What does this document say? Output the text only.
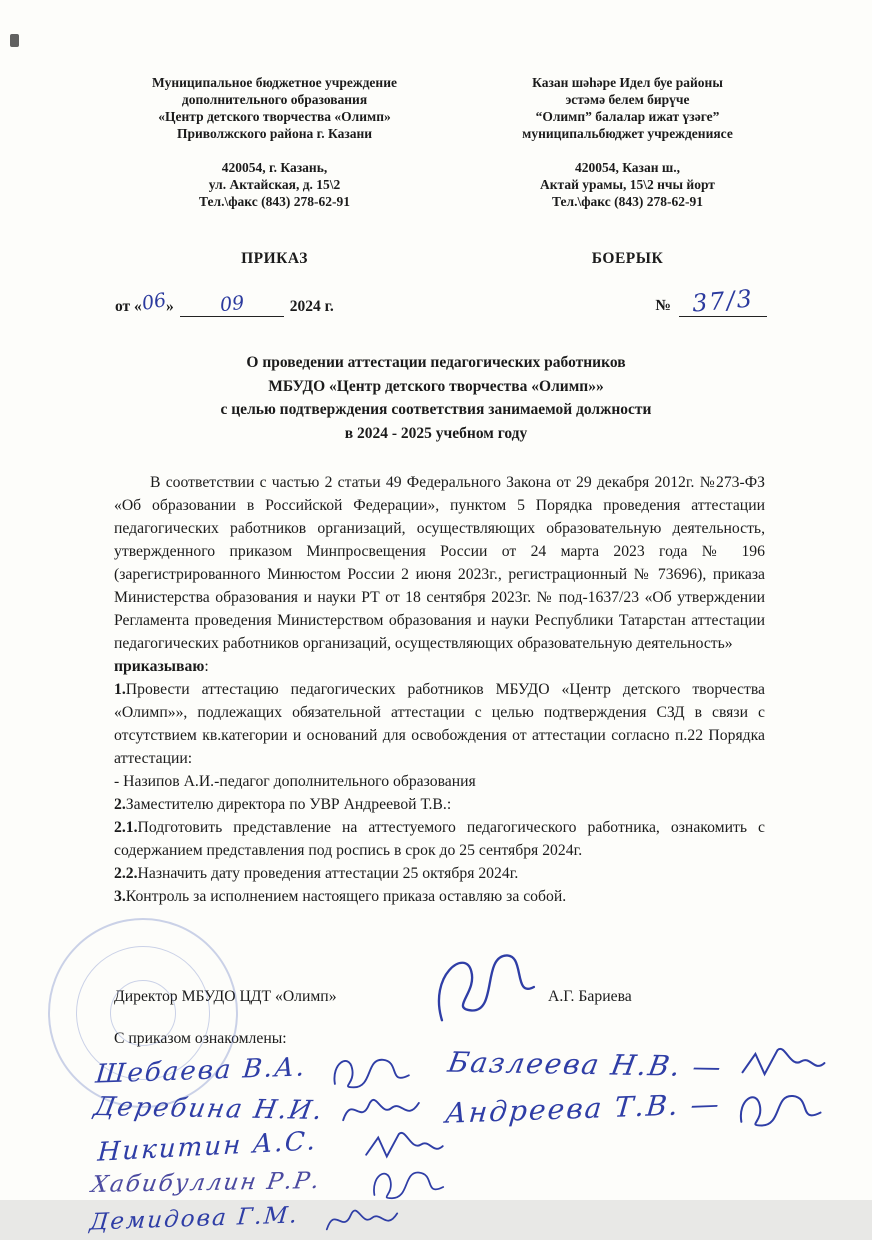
Муниципальное бюджетное учреждение
дополнительного образования
«Центр детского творчества «Олимп»
Приволжского района г. Казани
420054, г. Казань,
ул. Актайская, д. 15\2
Тел.\факс (843) 278-62-91
Казан шәһәре Идел буе районы
эстәмә белем бирүче
“Олимп” балалар ижат үзәге”
муниципальбюджет учреждениясе
420054, Казан ш.,
Актай урамы, 15\2 нчы йорт
Тел.\факс (843) 278-62-91
ПРИКАЗ	БОЕРЫК
от «06» 09	2024 г.	№ 37/3
О проведении аттестации педагогических работников
МБУДО «Центр детского творчества «Олимп»»
с целью подтверждения соответствия занимаемой должности
в 2024 - 2025 учебном году

В соответствии с частью 2 статьи 49 Федерального Закона от 29 декабря 2012г. №273-ФЗ «Об образовании в Российской Федерации», пунктом 5 Порядка проведения аттестации педагогических работников организаций, осуществляющих образовательную деятельность, утвержденного приказом Минпросвещения России от 24 марта 2023 года № 196 (зарегистрированного Минюстом России 2 июня 2023г., регистрационный № 73696), приказа Министерства образования и науки РТ от 18 сентября 2023г. № под-1637/23 «Об утверждении Регламента проведения Министерством образования и науки Республики Татарстан аттестации педагогических работников организаций, осуществляющих образовательную деятельность»

приказываю:

1.Провести аттестацию педагогических работников МБУДО «Центр детского творчества «Олимп»», подлежащих обязательной аттестации с целью подтверждения СЗД в связи с отсутствием кв.категории и оснований для освобождения от аттестации согласно п.22 Порядка аттестации:

- Назипов А.И.-педагог дополнительного образования

2.Заместителю директора по УВР Андреевой Т.В.:

2.1.Подготовить представление на аттестуемого педагогического работника, ознакомить с содержанием представления под роспись в срок до 25 сентября 2024г.

2.2.Назначить дату проведения аттестации 25 октября 2024г.

3.Контроль за исполнением настоящего приказа оставляю за собой.

Директор МБУДО ЦДТ «Олимп»	А.Г. Бариева
С приказом ознакомлены:
Шебаева В.А.
Деребина Н.И.
Никитин А.С.
Хабибуллин Р.Р.
Демидова Г.М.
Базлеева Н.В. —
Андреева Т.В. —
